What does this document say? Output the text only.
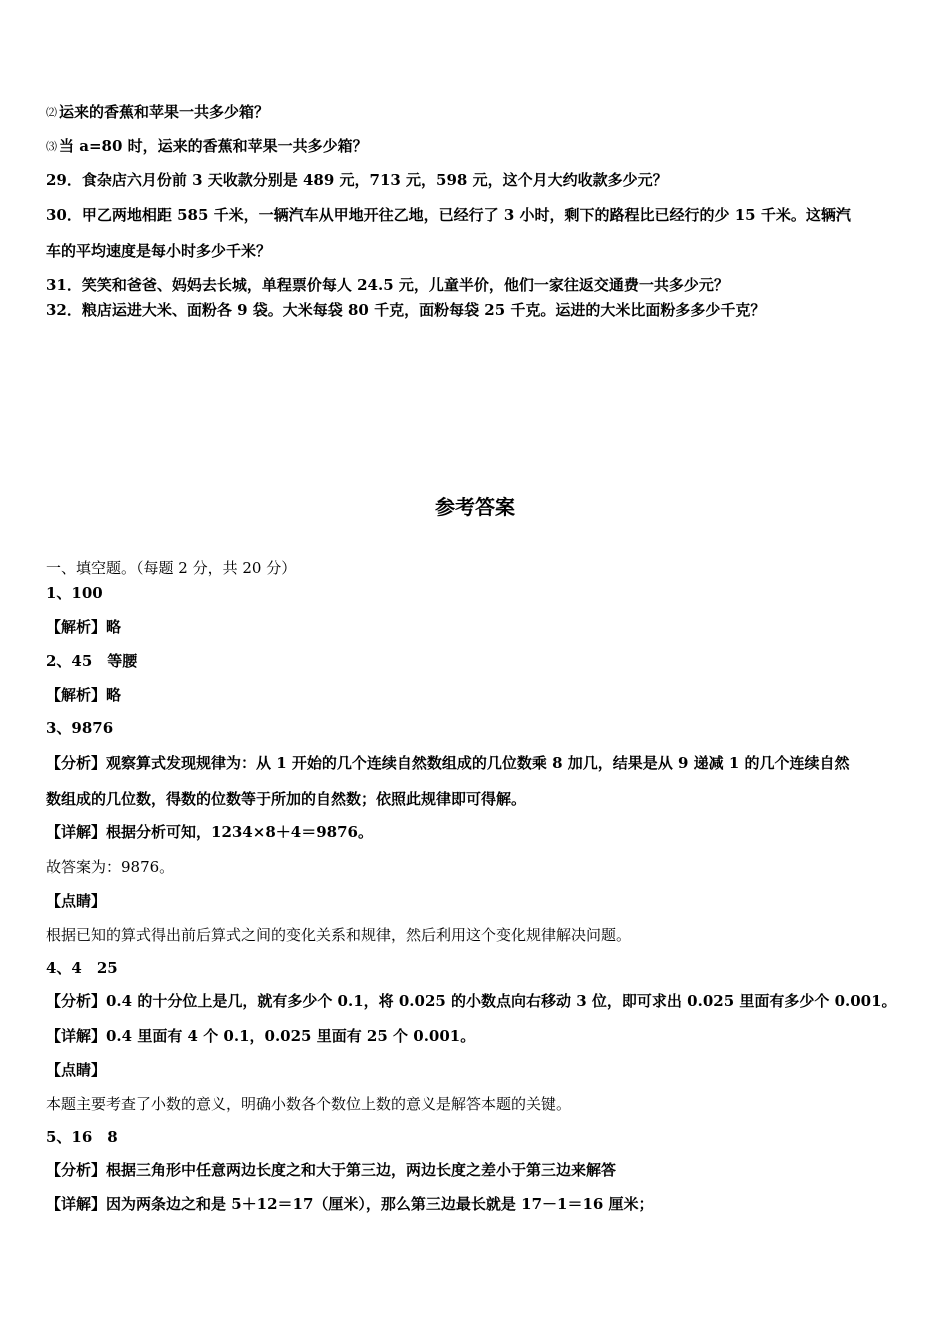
⑵ 运来的香蕉和苹果一共多少箱？
⑶ 当 a=80 时，运来的香蕉和苹果一共多少箱？
29．食杂店六月份前 3 天收款分别是 489 元，713 元，598 元，这个月大约收款多少元？
30．甲乙两地相距 585 千米，一辆汽车从甲地开往乙地，已经行了 3 小时，剩下的路程比已经行的少 15 千米。这辆汽
车的平均速度是每小时多少千米？
31．笑笑和爸爸、妈妈去长城，单程票价每人 24.5 元，儿童半价，他们一家往返交通费一共多少元？
32．粮店运进大米、面粉各 9 袋。大米每袋 80 千克，面粉每袋 25 千克。运进的大米比面粉多多少千克？
参考答案
一、填空题。（每题 2 分，共 20 分）
1、100
【解析】略
2、45　等腰
【解析】略
3、9876
【分析】观察算式发现规律为：从 1 开始的几个连续自然数组成的几位数乘 8 加几，结果是从 9 递减 1 的几个连续自然
数组成的几位数，得数的位数等于所加的自然数；依照此规律即可得解。
【详解】根据分析可知，1234×8＋4＝9876。
故答案为：9876。
【点睛】
根据已知的算式得出前后算式之间的变化关系和规律，然后利用这个变化规律解决问题。
4、4　25
【分析】0.4 的十分位上是几，就有多少个 0.1，将 0.025 的小数点向右移动 3 位，即可求出 0.025 里面有多少个 0.001。
【详解】0.4 里面有 4 个 0.1，0.025 里面有 25 个 0.001。
【点睛】
本题主要考查了小数的意义，明确小数各个数位上数的意义是解答本题的关键。
5、16　8
【分析】根据三角形中任意两边长度之和大于第三边，两边长度之差小于第三边来解答
【详解】因为两条边之和是 5＋12＝17（厘米），那么第三边最长就是 17－1＝16 厘米；
